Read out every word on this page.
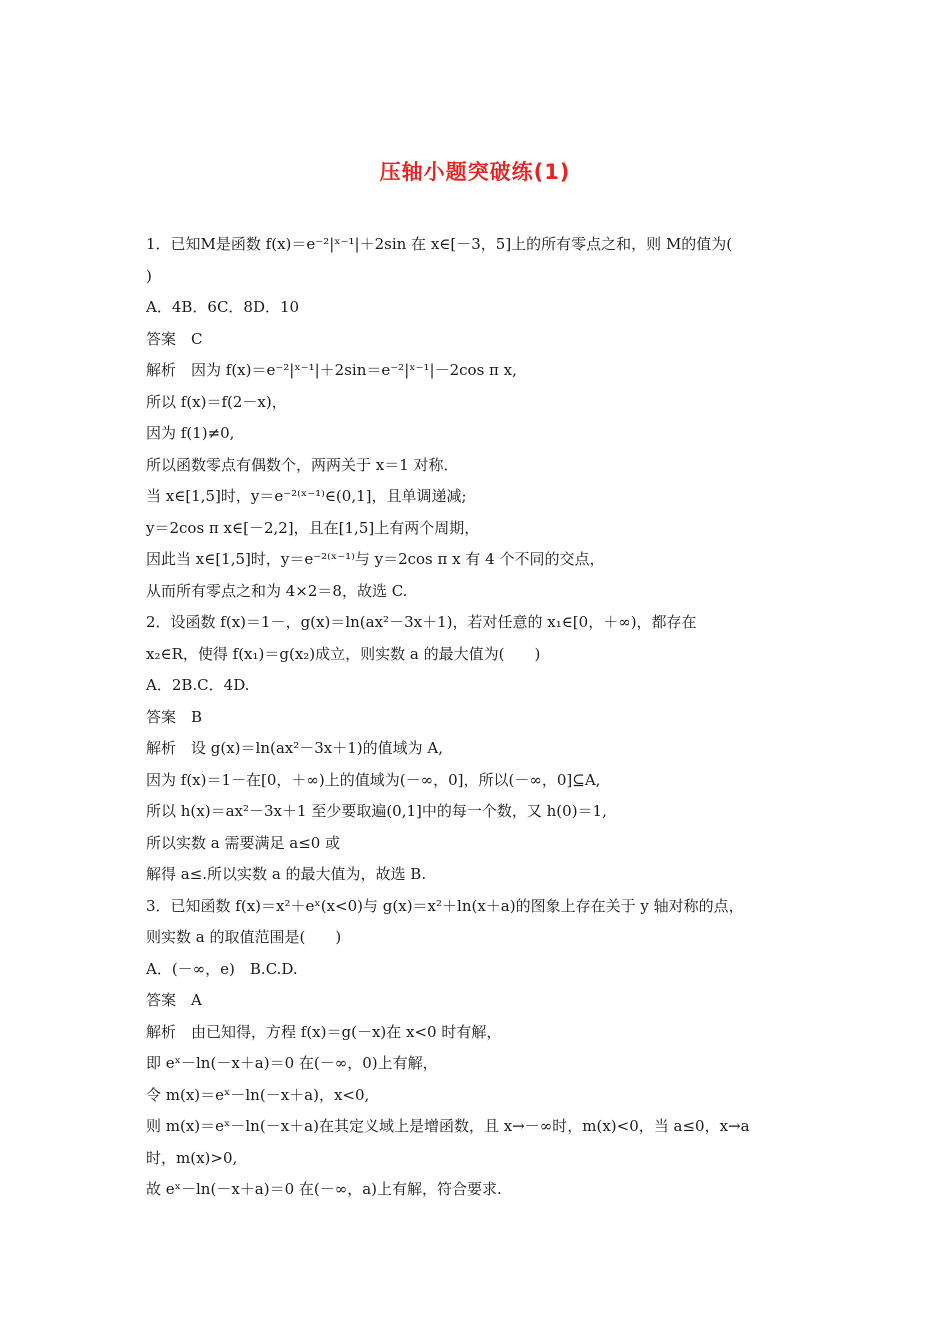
压轴小题突破练(1)
1．已知M是函数 f(x)＝e⁻²|ˣ⁻¹|＋2sin 在 x∈[－3，5]上的所有零点之和，则 M的值为(
)
A．4B．6C．8D．10
答案　C
解析　因为 f(x)＝e⁻²|ˣ⁻¹|＋2sin＝e⁻²|ˣ⁻¹|－2cos π x,
所以 f(x)＝f(2－x)，
因为 f(1)≠0,
所以函数零点有偶数个，两两关于 x＝1 对称．
当 x∈[1,5]时，y＝e⁻²⁽ˣ⁻¹⁾∈(0,1]，且单调递减;
y＝2cos π x∈[－2,2]，且在[1,5]上有两个周期，
因此当 x∈[1,5]时，y＝e⁻²⁽ˣ⁻¹⁾与 y＝2cos π x 有 4 个不同的交点，
从而所有零点之和为 4×2＝8，故选 C.
2．设函数 f(x)＝1－，g(x)＝ln(ax²－3x＋1)，若对任意的 x₁∈[0，＋∞)，都存在
x₂∈R，使得 f(x₁)＝g(x₂)成立，则实数 a 的最大值为(　　)
A．2B.C．4D.
答案　B
解析　设 g(x)＝ln(ax²－3x＋1)的值域为 A,
因为 f(x)＝1－在[0，＋∞)上的值域为(－∞，0]，所以(－∞，0]⊆A,
所以 h(x)＝ax²－3x＋1 至少要取遍(0,1]中的每一个数，又 h(0)＝1,
所以实数 a 需要满足 a≤0 或
解得 a≤.所以实数 a 的最大值为，故选 B.
3．已知函数 f(x)＝x²＋eˣ(x<0)与 g(x)＝x²＋ln(x＋a)的图象上存在关于 y 轴对称的点，
则实数 a 的取值范围是(　　)
A．(－∞，e)　B.C.D.
答案　A
解析　由已知得，方程 f(x)＝g(－x)在 x<0 时有解，
即 eˣ－ln(－x＋a)＝0 在(－∞，0)上有解，
令 m(x)＝eˣ－ln(－x＋a)，x<0,
则 m(x)＝eˣ－ln(－x＋a)在其定义域上是增函数，且 x→－∞时，m(x)<0，当 a≤0，x→a
时，m(x)>0,
故 eˣ－ln(－x＋a)＝0 在(－∞，a)上有解，符合要求.
